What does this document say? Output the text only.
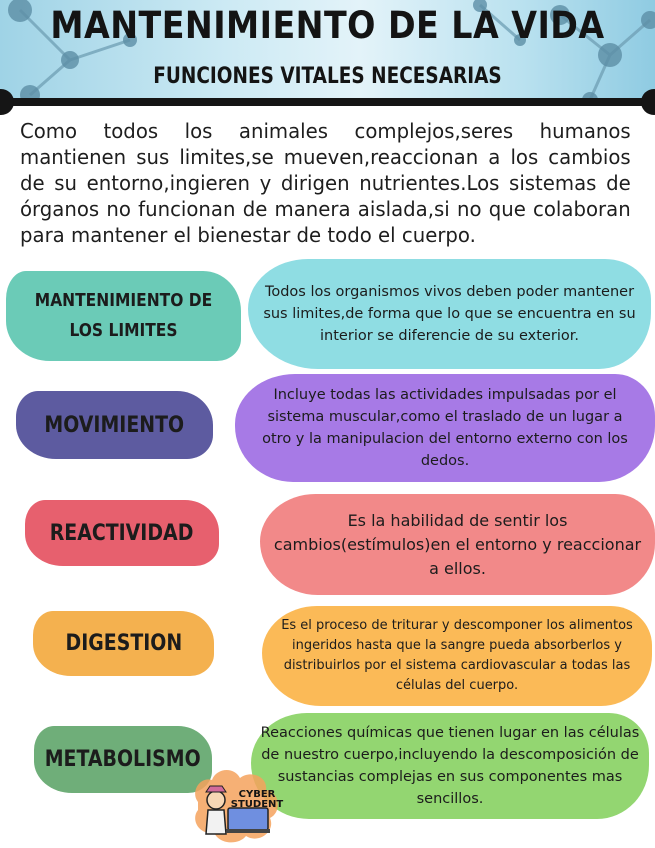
MANTENIMIENTO DE LA VIDA
FUNCIONES VITALES NECESARIAS
Como todos los animales complejos,seres humanos mantienen sus limites,se mueven,reaccionan a los cambios de su entorno,ingieren y dirigen nutrientes.Los sistemas de órganos no funcionan de manera aislada,si no que colaboran para mantener el bienestar de todo el cuerpo.
MANTENIMIENTO DE LOS LIMITES
Todos los organismos vivos deben poder mantener sus limites,de forma que lo que se encuentra en su interior se diferencie de su exterior.
MOVIMIENTO
Incluye todas las actividades impulsadas por el sistema muscular,como el traslado de un lugar a otro y la manipulacion del entorno externo con los dedos.
REACTIVIDAD
Es la habilidad de sentir los cambios(estímulos)en el entorno y reaccionar a ellos.
DIGESTION
Es el proceso de triturar y descomponer los alimentos ingeridos hasta que la sangre pueda absorberlos y distribuirlos por el sistema cardiovascular a todas las células del cuerpo.
METABOLISMO
Reacciones químicas que tienen lugar en las células de nuestro cuerpo,incluyendo la descomposición de sustancias complejas en sus componentes mas sencillos.
CYBER
STUDENT
